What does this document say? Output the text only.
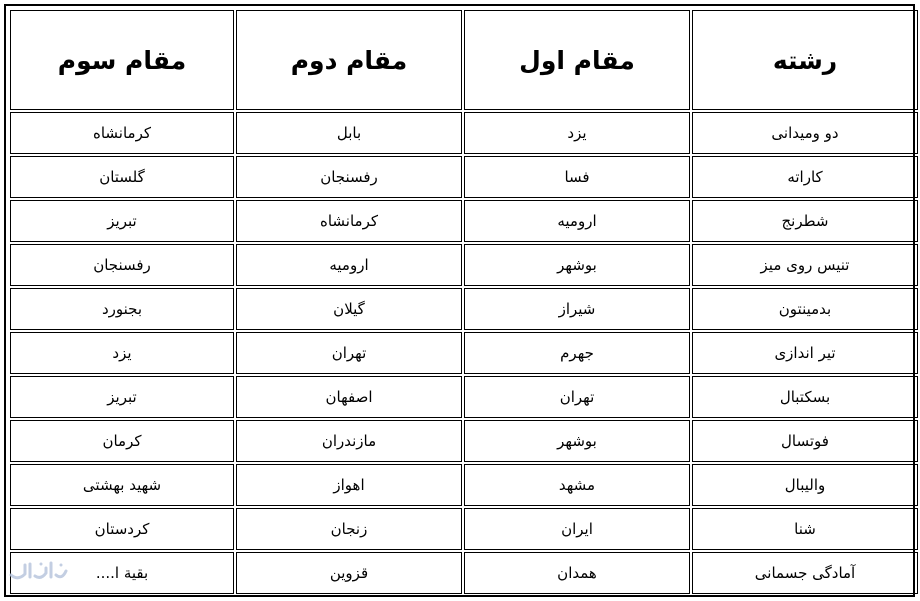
رشته	مقام اول	مقام دوم	مقام سوم
دو ومیدانی	یزد	بابل	کرمانشاه
کاراته	فسا	رفسنجان	گلستان
شطرنج	ارومیه	کرمانشاه	تبریز
تنیس روی میز	بوشهر	ارومیه	رفسنجان
بدمینتون	شیراز	گیلان	بجنورد
تیر اندازی	جهرم	تهران	یزد
بسکتبال	تهران	اصفهان	تبریز
فوتسال	بوشهر	مازندران	کرمان
والیبال	مشهد	اهواز	شهید بهشتی
شنا	ایران	زنجان	کردستان
آمادگی جسمانی	همدان	قزوین	بقیة ا....
